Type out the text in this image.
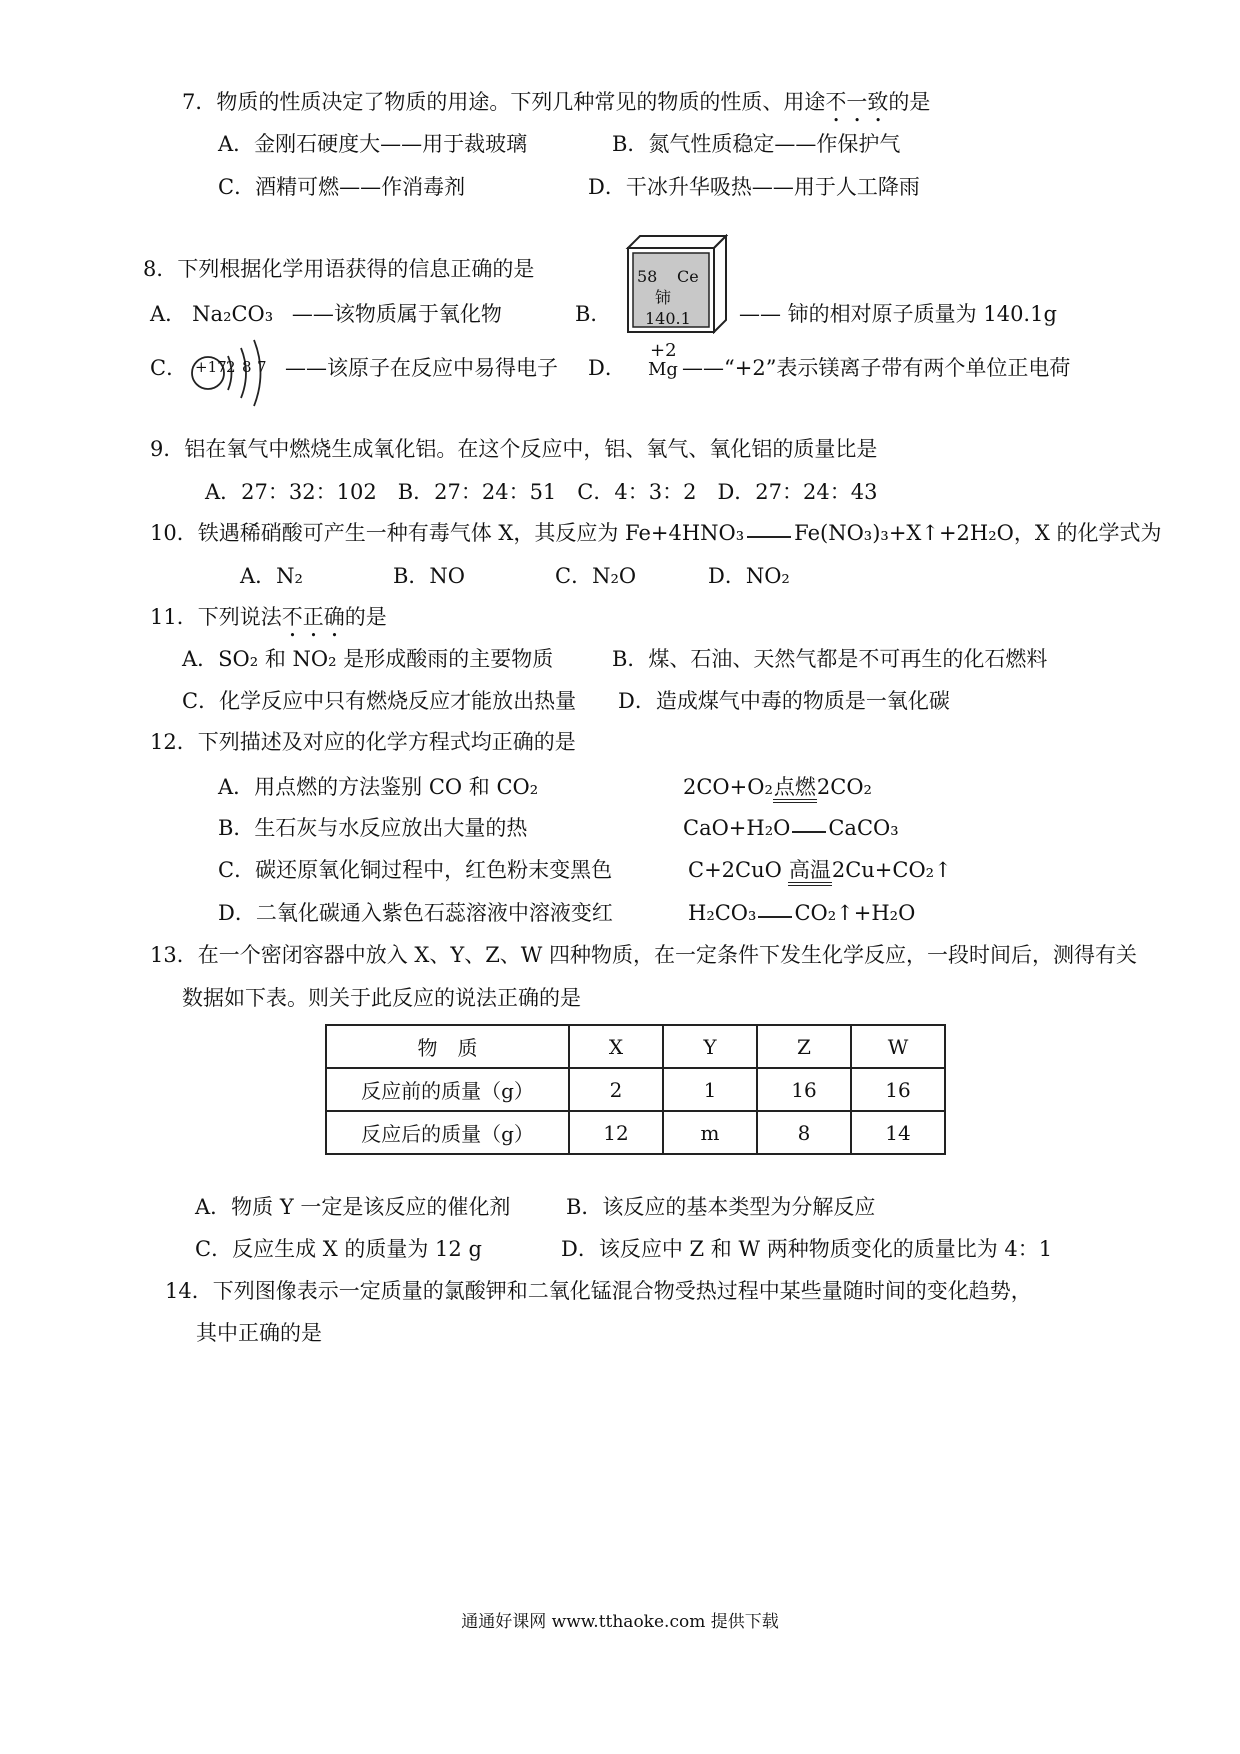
7．物质的性质决定了物质的用途。下列几种常见的物质的性质、用途不一致的是
A．金刚石硬度大——用于裁玻璃	B．氮气性质稳定——作保护气
C．酒精可燃——作消毒剂	D．干冰升华吸热——用于人工降雨
8．下列根据化学用语获得的信息正确的是
A． Na₂CO₃ ——该物质属于氧化物	B．
58 Ce
铈
140.1 —— 铈的相对原子质量为 140.1g
C． +17 2 8 7 ——该原子在反应中易得电子 D．
+2
Mg ——“+2”表示镁离子带有两个单位正电荷
9．铝在氧气中燃烧生成氧化铝。在这个反应中，铝、氧气、氧化铝的质量比是
A．27：32：102　B．27：24：51　C．4：3：2　D．27：24：43
10．铁遇稀硝酸可产生一种有毒气体 X，其反应为 Fe+4HNO₃ Fe(NO₃)₃+X↑+2H₂O，X 的化学式为
A．N₂	B．NO	C．N₂O	D．NO₂
11．下列说法不正确的是
A．SO₂ 和 NO₂ 是形成酸雨的主要物质	B．煤、石油、天然气都是不可再生的化石燃料
C．化学反应中只有燃烧反应才能放出热量 D．造成煤气中毒的物质是一氧化碳
12．下列描述及对应的化学方程式均正确的是
A．用点燃的方法鉴别 CO 和 CO₂	2CO+O₂点燃2CO₂
B．生石灰与水反应放出大量的热	CaO+H₂O CaCO₃
C．碳还原氧化铜过程中，红色粉末变黑色	C+2CuO 高温2Cu+CO₂↑
D．二氧化碳通入紫色石蕊溶液中溶液变红	H₂CO₃ CO₂↑+H₂O
13．在一个密闭容器中放入 X、Y、Z、W 四种物质，在一定条件下发生化学反应，一段时间后，测得有关
数据如下表。则关于此反应的说法正确的是
物　质	X	Y	Z	W
反应前的质量（g）	2	1	16	16
反应后的质量（g）	12	m	8	14
A．物质 Y 一定是该反应的催化剂	B．该反应的基本类型为分解反应
C．反应生成 X 的质量为 12 g	D．该反应中 Z 和 W 两种物质变化的质量比为 4：1
14．下列图像表示一定质量的氯酸钾和二氧化锰混合物受热过程中某些量随时间的变化趋势，
其中正确的是
通通好课网 www.tthaoke.com 提供下载
